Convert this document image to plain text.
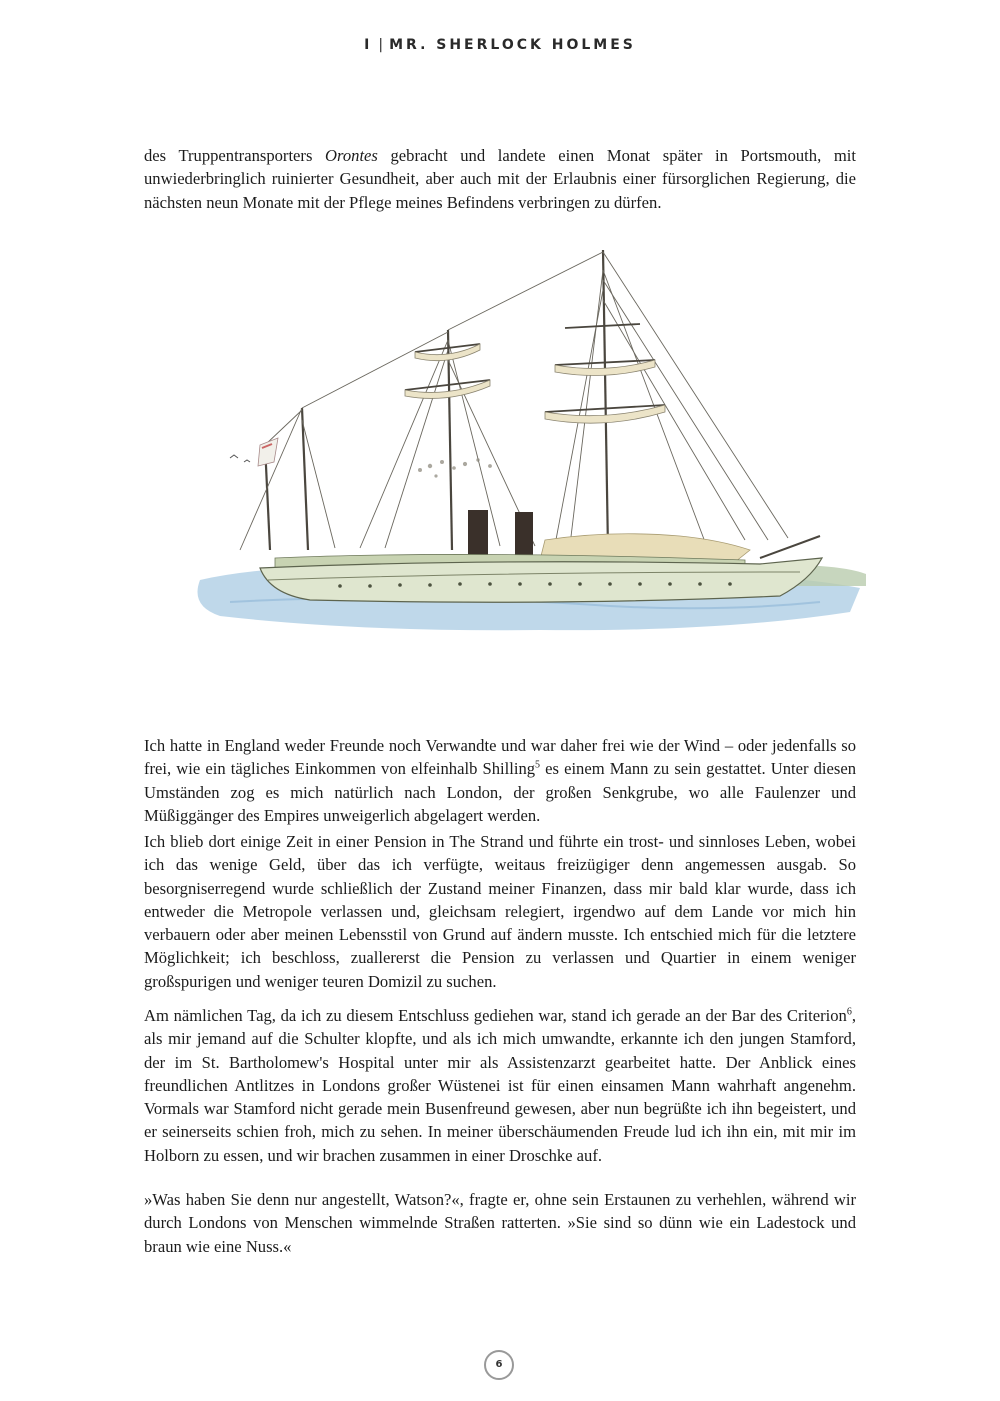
I | MR. SHERLOCK HOLMES

des Truppentransporters Orontes gebracht und landete einen Monat später in Portsmouth, mit unwiederbringlich ruinierter Gesundheit, aber auch mit der Erlaubnis einer fürsorglichen Regierung, die nächsten neun Monate mit der Pflege meines Befindens verbringen zu dürfen.

Ich hatte in England weder Freunde noch Verwandte und war daher frei wie der Wind – oder jedenfalls so frei, wie ein tägliches Einkommen von elfeinhalb Shilling$^5$ es einem Mann zu sein gestattet. Unter diesen Umständen zog es mich natürlich nach London, der großen Senkgrube, wo alle Faulenzer und Müßiggänger des Empires unweigerlich abgelagert werden.

Ich blieb dort einige Zeit in einer Pension in The Strand und führte ein trost- und sinnloses Leben, wobei ich das wenige Geld, über das ich verfügte, weitaus freizügiger denn angemessen ausgab. So besorgniserregend wurde schließlich der Zustand meiner Finanzen, dass mir bald klar wurde, dass ich entweder die Metropole verlassen und, gleichsam relegiert, irgendwo auf dem Lande vor mich hin verbauern oder aber meinen Lebensstil von Grund auf ändern musste. Ich entschied mich für die letztere Möglichkeit; ich beschloss, zuallererst die Pension zu verlassen und Quartier in einem weniger großspurigen und weniger teuren Domizil zu suchen.

Am nämlichen Tag, da ich zu diesem Entschluss gediehen war, stand ich gerade an der Bar des Criterion$^6$, als mir jemand auf die Schulter klopfte, und als ich mich umwandte, erkannte ich den jungen Stamford, der im St. Bartholomew's Hospital unter mir als Assistenzarzt gearbeitet hatte. Der Anblick eines freundlichen Antlitzes in Londons großer Wüstenei ist für einen einsamen Mann wahrhaft angenehm. Vormals war Stamford nicht gerade mein Busenfreund gewesen, aber nun begrüßte ich ihn begeistert, und er seinerseits schien froh, mich zu sehen. In meiner überschäumenden Freude lud ich ihn ein, mit mir im Holborn zu essen, und wir brachen zusammen in einer Droschke auf.

»Was haben Sie denn nur angestellt, Watson?«, fragte er, ohne sein Erstaunen zu verhehlen, während wir durch Londons von Menschen wimmelnde Straßen ratterten. »Sie sind so dünn wie ein Ladestock und braun wie eine Nuss.«

6
